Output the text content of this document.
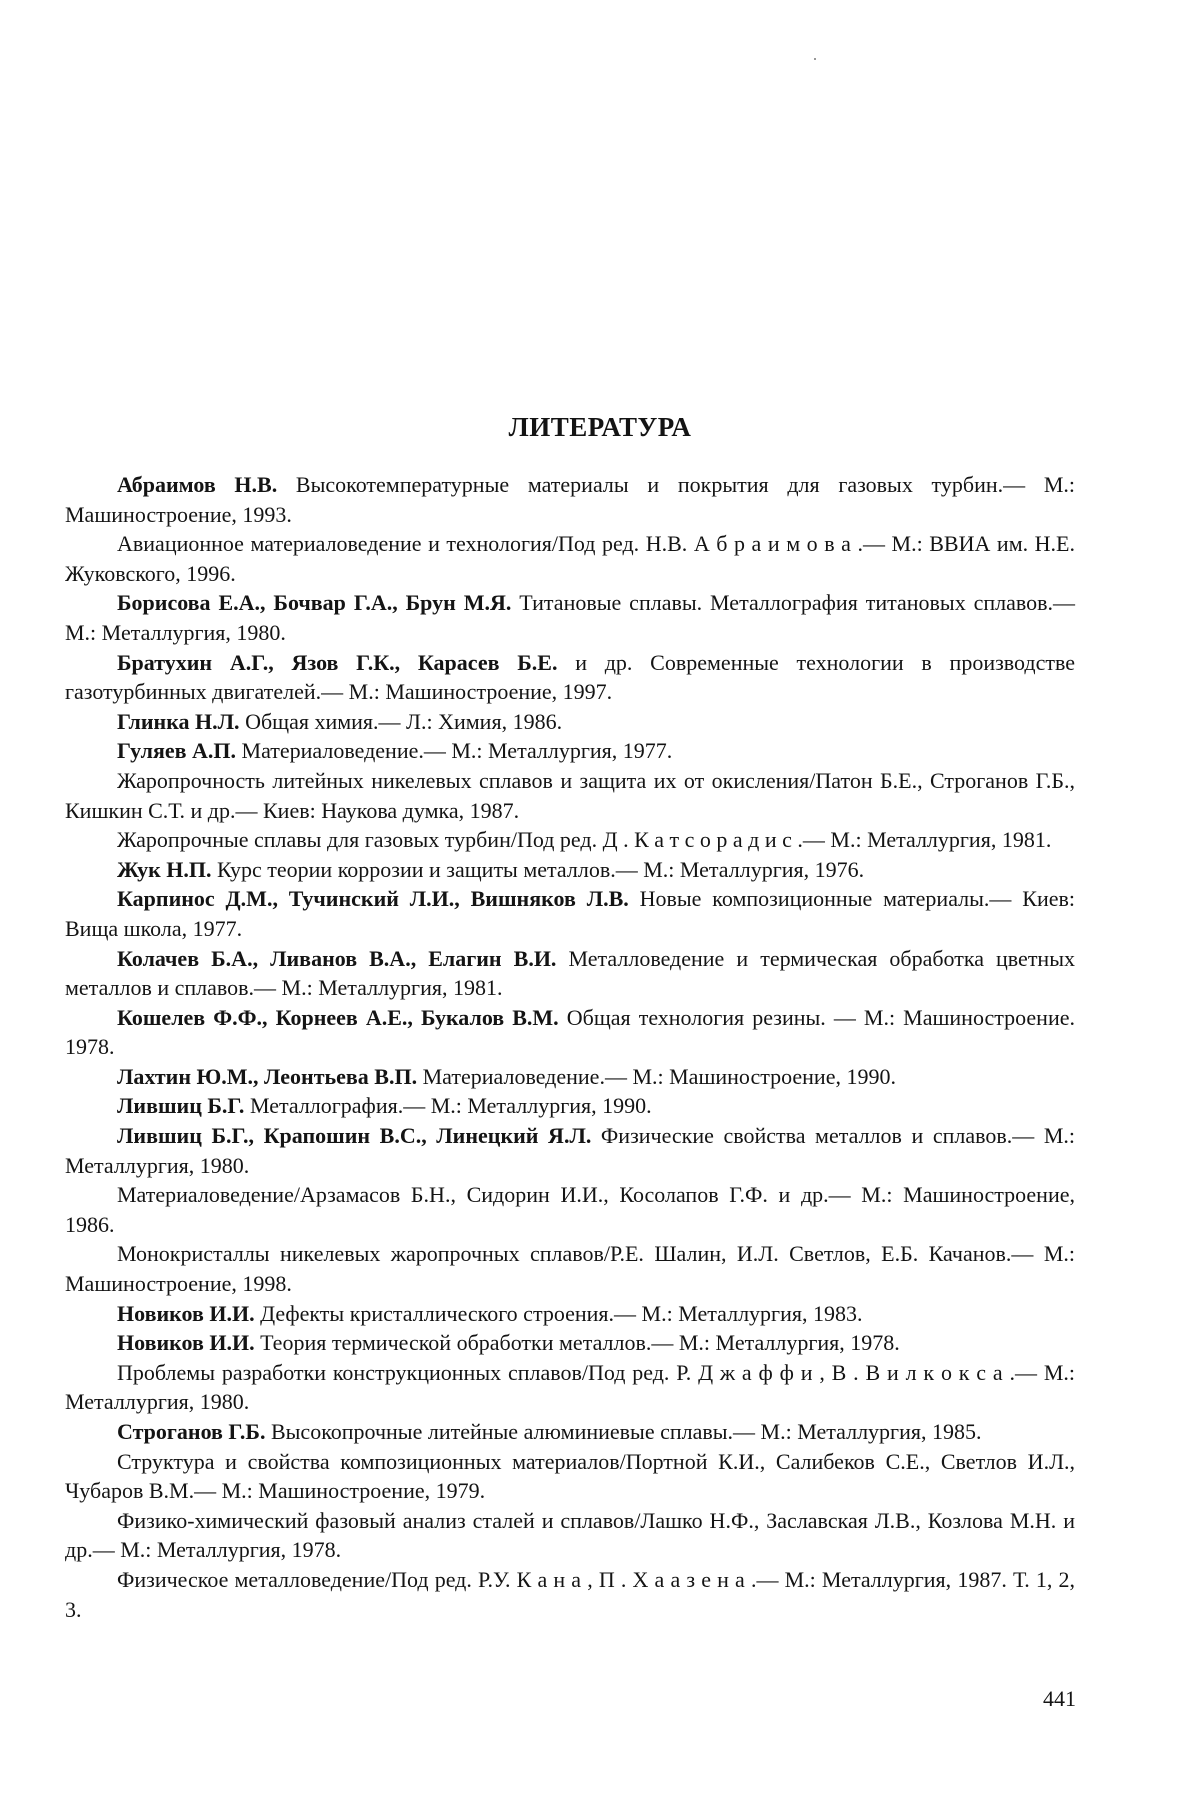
ЛИТЕРАТУРА

Абраимов Н.В. Высокотемпературные материалы и покрытия для газовых турбин.— М.: Машиностроение, 1993.

Авиационное материаловедение и технология/Под ред. Н.В. А б р а и м о в а .— М.: ВВИА им. Н.Е. Жуковского, 1996.

Борисова Е.А., Бочвар Г.А., Брун М.Я. Титановые сплавы. Металлография титановых сплавов.— М.: Металлургия, 1980.

Братухин А.Г., Язов Г.К., Карасев Б.Е. и др. Современные технологии в производстве газотурбинных двигателей.— М.: Машиностроение, 1997.

Глинка Н.Л. Общая химия.— Л.: Химия, 1986.

Гуляев А.П. Материаловедение.— М.: Металлургия, 1977.

Жаропрочность литейных никелевых сплавов и защита их от окисления/Патон Б.Е., Строганов Г.Б., Кишкин С.Т. и др.— Киев: Наукова думка, 1987.

Жаропрочные сплавы для газовых турбин/Под ред. Д . К а т с о р а д и с .— М.: Металлургия, 1981.

Жук Н.П. Курс теории коррозии и защиты металлов.— М.: Металлургия, 1976.

Карпинос Д.М., Тучинский Л.И., Вишняков Л.В. Новые композиционные материалы.— Киев: Вища школа, 1977.

Колачев Б.А., Ливанов В.А., Елагин В.И. Металловедение и термическая обработка цветных металлов и сплавов.— М.: Металлургия, 1981.

Кошелев Ф.Ф., Корнеев А.Е., Букалов В.М. Общая технология резины. — М.: Машиностроение. 1978.

Лахтин Ю.М., Леонтьева В.П. Материаловедение.— М.: Машиностроение, 1990.

Лившиц Б.Г. Металлография.— М.: Металлургия, 1990.

Лившиц Б.Г., Крапошин В.С., Линецкий Я.Л. Физические свойства металлов и сплавов.— М.: Металлургия, 1980.

Материаловедение/Арзамасов Б.Н., Сидорин И.И., Косолапов Г.Ф. и др.— М.: Машиностроение, 1986.

Монокристаллы никелевых жаропрочных сплавов/Р.Е. Шалин, И.Л. Светлов, Е.Б. Качанов.— М.: Машиностроение, 1998.

Новиков И.И. Дефекты кристаллического строения.— М.: Металлургия, 1983.

Новиков И.И. Теория термической обработки металлов.— М.: Металлургия, 1978.

Проблемы разработки конструкционных сплавов/Под ред. Р. Д ж а ф ф и , В . В и л к о к с а .— М.: Металлургия, 1980.

Строганов Г.Б. Высокопрочные литейные алюминиевые сплавы.— М.: Металлургия, 1985.

Структура и свойства композиционных материалов/Портной К.И., Салибеков С.Е., Светлов И.Л., Чубаров В.М.— М.: Машиностроение, 1979.

Физико-химический фазовый анализ сталей и сплавов/Лашко Н.Ф., Заславская Л.В., Козлова М.Н. и др.— М.: Металлургия, 1978.

Физическое металловедение/Под ред. Р.У. К а н а , П . Х а а з е н а .— М.: Металлургия, 1987. Т. 1, 2, 3.

441
